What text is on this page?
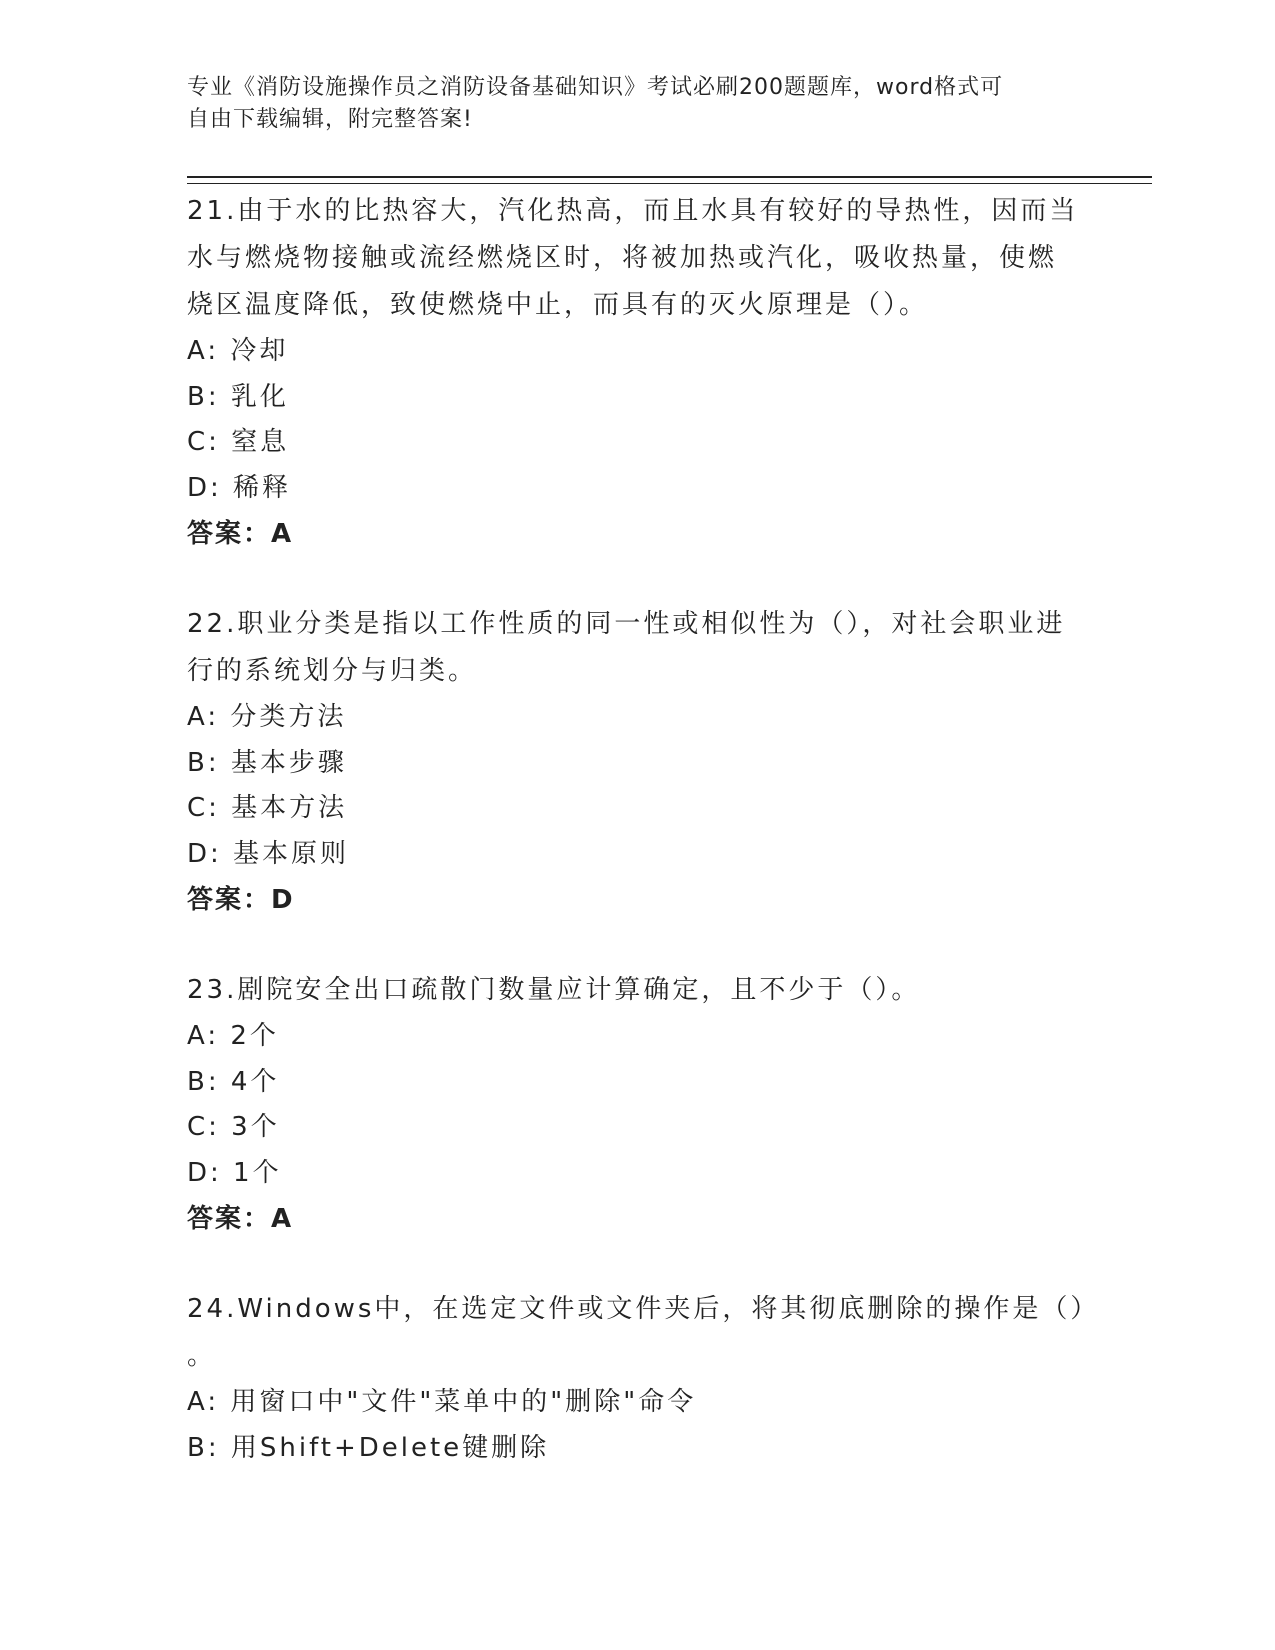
专业《消防设施操作员之消防设备基础知识》考试必刷200题题库，word格式可
自由下载编辑，附完整答案!
21.由于水的比热容大，汽化热高，而且水具有较好的导热性，因而当
水与燃烧物接触或流经燃烧区时，将被加热或汽化，吸收热量，使燃
烧区温度降低，致使燃烧中止，而具有的灭火原理是（）。
A: 冷却
B: 乳化
C: 窒息
D: 稀释
答案：A
22.职业分类是指以工作性质的同一性或相似性为（），对社会职业进
行的系统划分与归类。
A: 分类方法
B: 基本步骤
C: 基本方法
D: 基本原则
答案：D
23.剧院安全出口疏散门数量应计算确定，且不少于（）。
A: 2个
B: 4个
C: 3个
D: 1个
答案：A
24.Windows中，在选定文件或文件夹后，将其彻底删除的操作是（）
。
A: 用窗口中"文件"菜单中的"删除"命令
B: 用Shift+Delete键删除
